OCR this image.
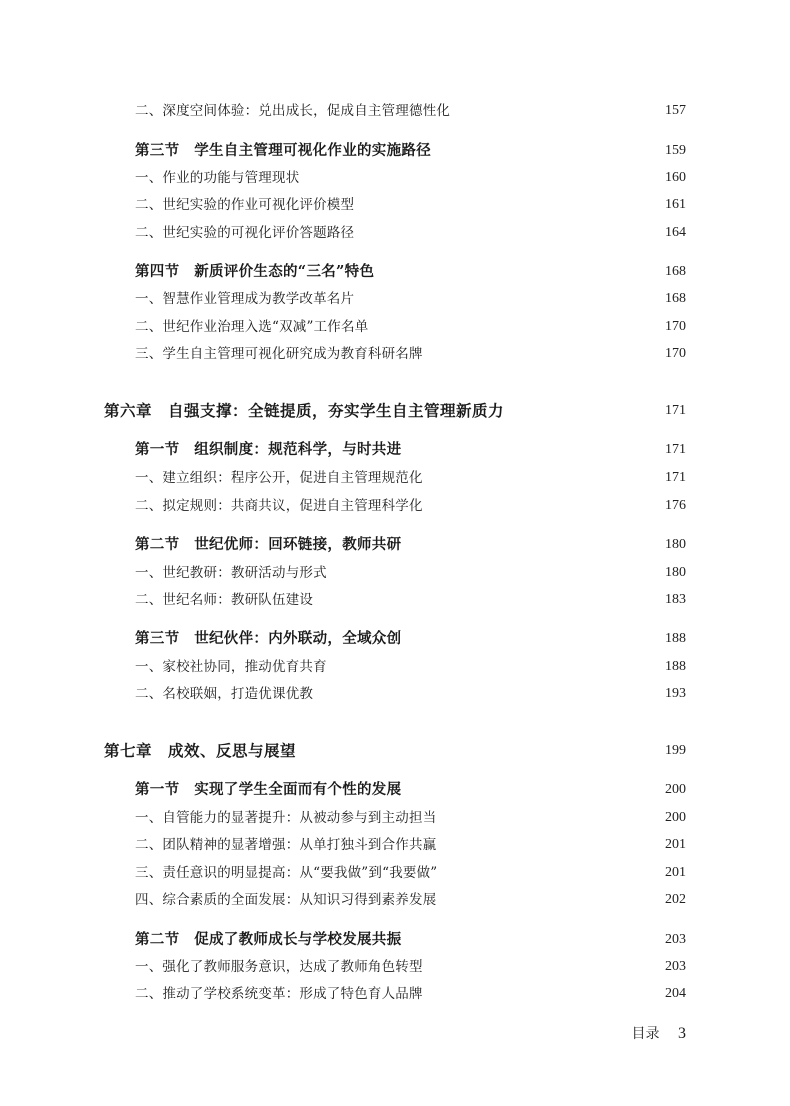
二、深度空间体验：兑出成长，促成自主管理德性化	157
第三节　学生自主管理可视化作业的实施路径	159
一、作业的功能与管理现状	160
二、世纪实验的作业可视化评价模型	161
二、世纪实验的可视化评价答题路径	164
第四节　新质评价生态的“三名”特色	168
一、智慧作业管理成为教学改革名片	168
二、世纪作业治理入选“双减”工作名单	170
三、学生自主管理可视化研究成为教育科研名牌	170
第六章　自强支撑：全链提质，夯实学生自主管理新质力	171
第一节　组织制度：规范科学，与时共进	171
一、建立组织：程序公开，促进自主管理规范化	171
二、拟定规则：共商共议，促进自主管理科学化	176
第二节　世纪优师：回环链接，教师共研	180
一、世纪教研：教研活动与形式	180
二、世纪名师：教研队伍建设	183
第三节　世纪伙伴：内外联动，全域众创	188
一、家校社协同，推动优育共育	188
二、名校联姻，打造优课优教	193
第七章　成效、反思与展望	199
第一节　实现了学生全面而有个性的发展	200
一、自管能力的显著提升：从被动参与到主动担当	200
二、团队精神的显著增强：从单打独斗到合作共赢	201
三、责任意识的明显提高：从“要我做”到“我要做”	201
四、综合素质的全面发展：从知识习得到素养发展	202
第二节　促成了教师成长与学校发展共振	203
一、强化了教师服务意识，达成了教师角色转型	203
二、推动了学校系统变革：形成了特色育人品牌	204
目录 3
